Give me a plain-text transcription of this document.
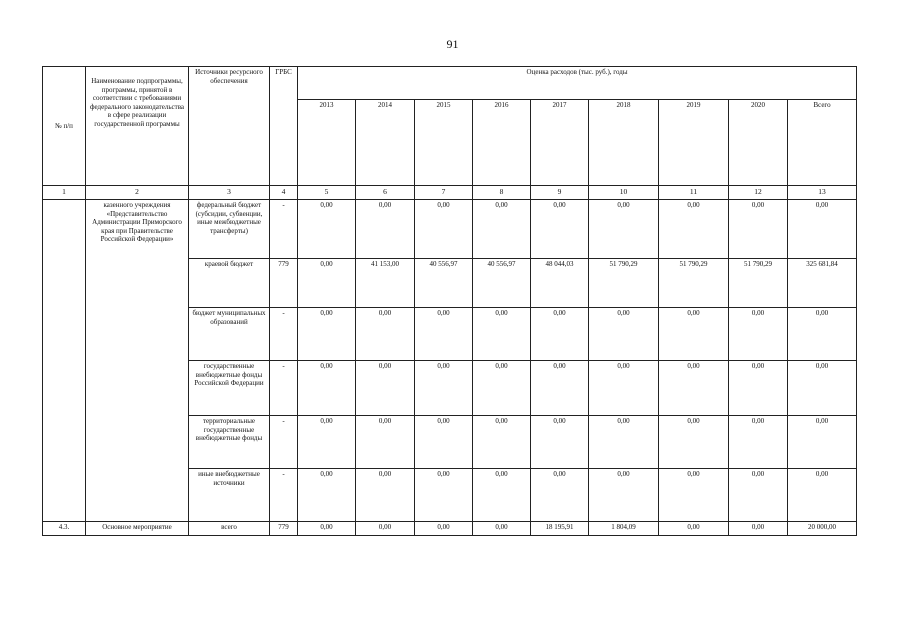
91
№ п/п	Наименование подпрограммы, программы, принятой в соответствии с требованиями федерального законодательства в сфере реализации государственной программы	Источники ресурсного обеспечения	ГРБС	Оценка расходов (тыс. руб.), годы								
				2013	2014	2015	2016	2017	2018	2019	2020	Всего
1	2	3	4	5	6	7	8	9	10	11	12	13
	казенного учреждения «Представительство Администрации Приморского края при Правительстве Российской Федерации»	федеральный бюджет (субсидии, субвенции, иные межбюджетные трансферты)	-	0,00	0,00	0,00	0,00	0,00	0,00	0,00	0,00	0,00
		краевой бюджет	779	0,00	41 153,00	40 556,97	40 556,97	48 044,03	51 790,29	51 790,29	51 790,29	325 681,84
		бюджет муниципальных образований	-	0,00	0,00	0,00	0,00	0,00	0,00	0,00	0,00	0,00
		государственные внебюджетные фонды Российской Федерации	-	0,00	0,00	0,00	0,00	0,00	0,00	0,00	0,00	0,00
		территориальные государственные внебюджетные фонды	-	0,00	0,00	0,00	0,00	0,00	0,00	0,00	0,00	0,00
		иные внебюджетные источники	-	0,00	0,00	0,00	0,00	0,00	0,00	0,00	0,00	0,00
4.3.	Основное мероприятие	всего	779	0,00	0,00	0,00	0,00	18 195,91	1 804,09	0,00	0,00	20 000,00
